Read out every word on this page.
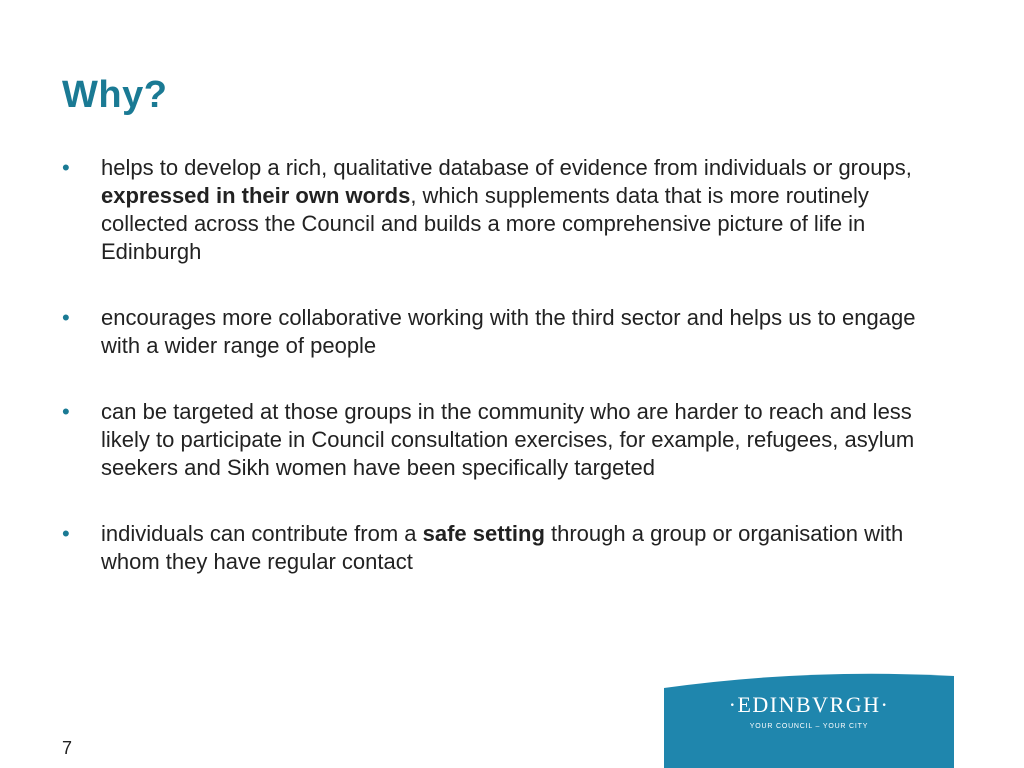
Why?
• helps to develop a rich, qualitative database of evidence from individuals or groups, expressed in their own words, which supplements data that is more routinely collected across the Council and builds a more comprehensive picture of life in Edinburgh
• encourages more collaborative working with the third sector and helps us to engage with a wider range of people
• can be targeted at those groups in the community who are harder to reach and less likely to participate in Council consultation exercises, for example, refugees, asylum seekers and Sikh women have been specifically targeted
• individuals can contribute from a safe setting through a group or organisation with whom they have regular contact
7
·EDINBVRGH·
YOUR COUNCIL – YOUR CITY
